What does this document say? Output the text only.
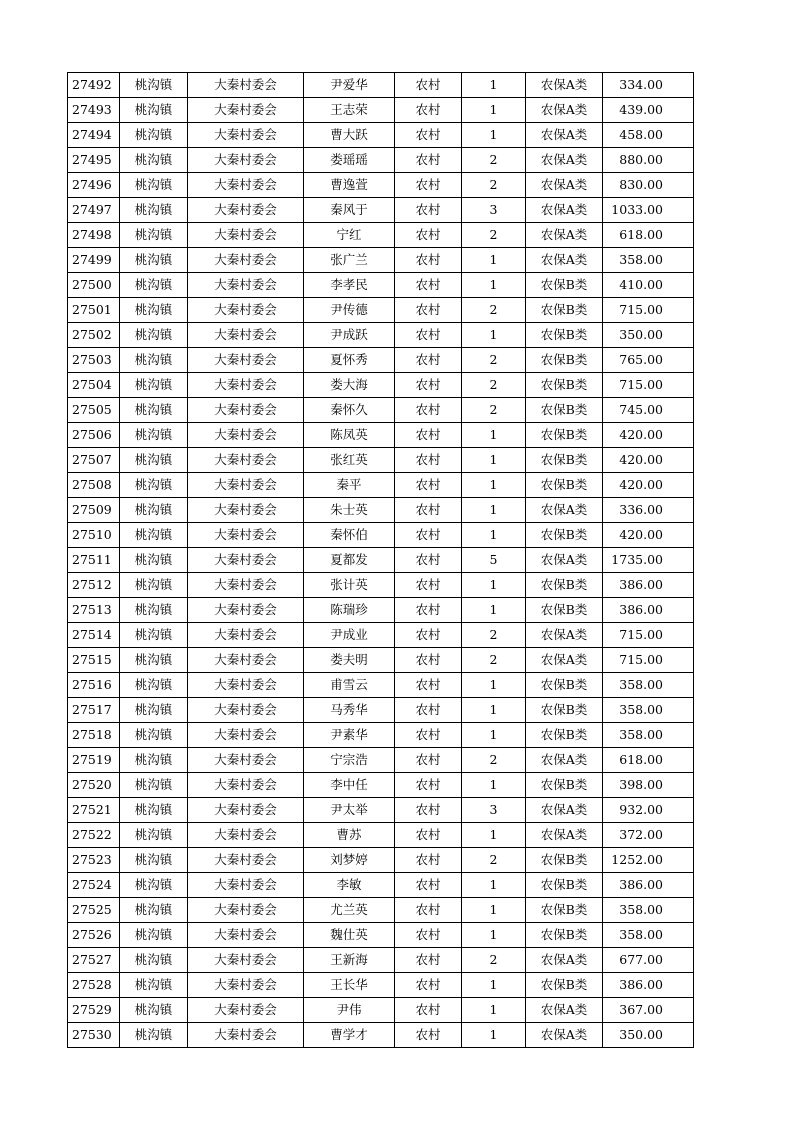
27492	桃沟镇	大秦村委会	尹爱华	农村	1	农保A类	334.00
27493	桃沟镇	大秦村委会	王志荣	农村	1	农保A类	439.00
27494	桃沟镇	大秦村委会	曹大跃	农村	1	农保A类	458.00
27495	桃沟镇	大秦村委会	娄瑶瑶	农村	2	农保A类	880.00
27496	桃沟镇	大秦村委会	曹逸萱	农村	2	农保A类	830.00
27497	桃沟镇	大秦村委会	秦风于	农村	3	农保A类	1033.00
27498	桃沟镇	大秦村委会	宁红	农村	2	农保A类	618.00
27499	桃沟镇	大秦村委会	张广兰	农村	1	农保A类	358.00
27500	桃沟镇	大秦村委会	李孝民	农村	1	农保B类	410.00
27501	桃沟镇	大秦村委会	尹传德	农村	2	农保B类	715.00
27502	桃沟镇	大秦村委会	尹成跃	农村	1	农保B类	350.00
27503	桃沟镇	大秦村委会	夏怀秀	农村	2	农保B类	765.00
27504	桃沟镇	大秦村委会	娄大海	农村	2	农保B类	715.00
27505	桃沟镇	大秦村委会	秦怀久	农村	2	农保B类	745.00
27506	桃沟镇	大秦村委会	陈凤英	农村	1	农保B类	420.00
27507	桃沟镇	大秦村委会	张红英	农村	1	农保B类	420.00
27508	桃沟镇	大秦村委会	秦平	农村	1	农保B类	420.00
27509	桃沟镇	大秦村委会	朱士英	农村	1	农保A类	336.00
27510	桃沟镇	大秦村委会	秦怀伯	农村	1	农保B类	420.00
27511	桃沟镇	大秦村委会	夏都发	农村	5	农保A类	1735.00
27512	桃沟镇	大秦村委会	张计英	农村	1	农保B类	386.00
27513	桃沟镇	大秦村委会	陈瑞珍	农村	1	农保B类	386.00
27514	桃沟镇	大秦村委会	尹成业	农村	2	农保A类	715.00
27515	桃沟镇	大秦村委会	娄夫明	农村	2	农保A类	715.00
27516	桃沟镇	大秦村委会	甫雪云	农村	1	农保B类	358.00
27517	桃沟镇	大秦村委会	马秀华	农村	1	农保B类	358.00
27518	桃沟镇	大秦村委会	尹素华	农村	1	农保B类	358.00
27519	桃沟镇	大秦村委会	宁宗浩	农村	2	农保A类	618.00
27520	桃沟镇	大秦村委会	李中任	农村	1	农保B类	398.00
27521	桃沟镇	大秦村委会	尹太举	农村	3	农保A类	932.00
27522	桃沟镇	大秦村委会	曹苏	农村	1	农保A类	372.00
27523	桃沟镇	大秦村委会	刘梦婷	农村	2	农保B类	1252.00
27524	桃沟镇	大秦村委会	李敏	农村	1	农保B类	386.00
27525	桃沟镇	大秦村委会	尤兰英	农村	1	农保B类	358.00
27526	桃沟镇	大秦村委会	魏仕英	农村	1	农保B类	358.00
27527	桃沟镇	大秦村委会	王新海	农村	2	农保A类	677.00
27528	桃沟镇	大秦村委会	王长华	农村	1	农保B类	386.00
27529	桃沟镇	大秦村委会	尹伟	农村	1	农保A类	367.00
27530	桃沟镇	大秦村委会	曹学才	农村	1	农保A类	350.00
